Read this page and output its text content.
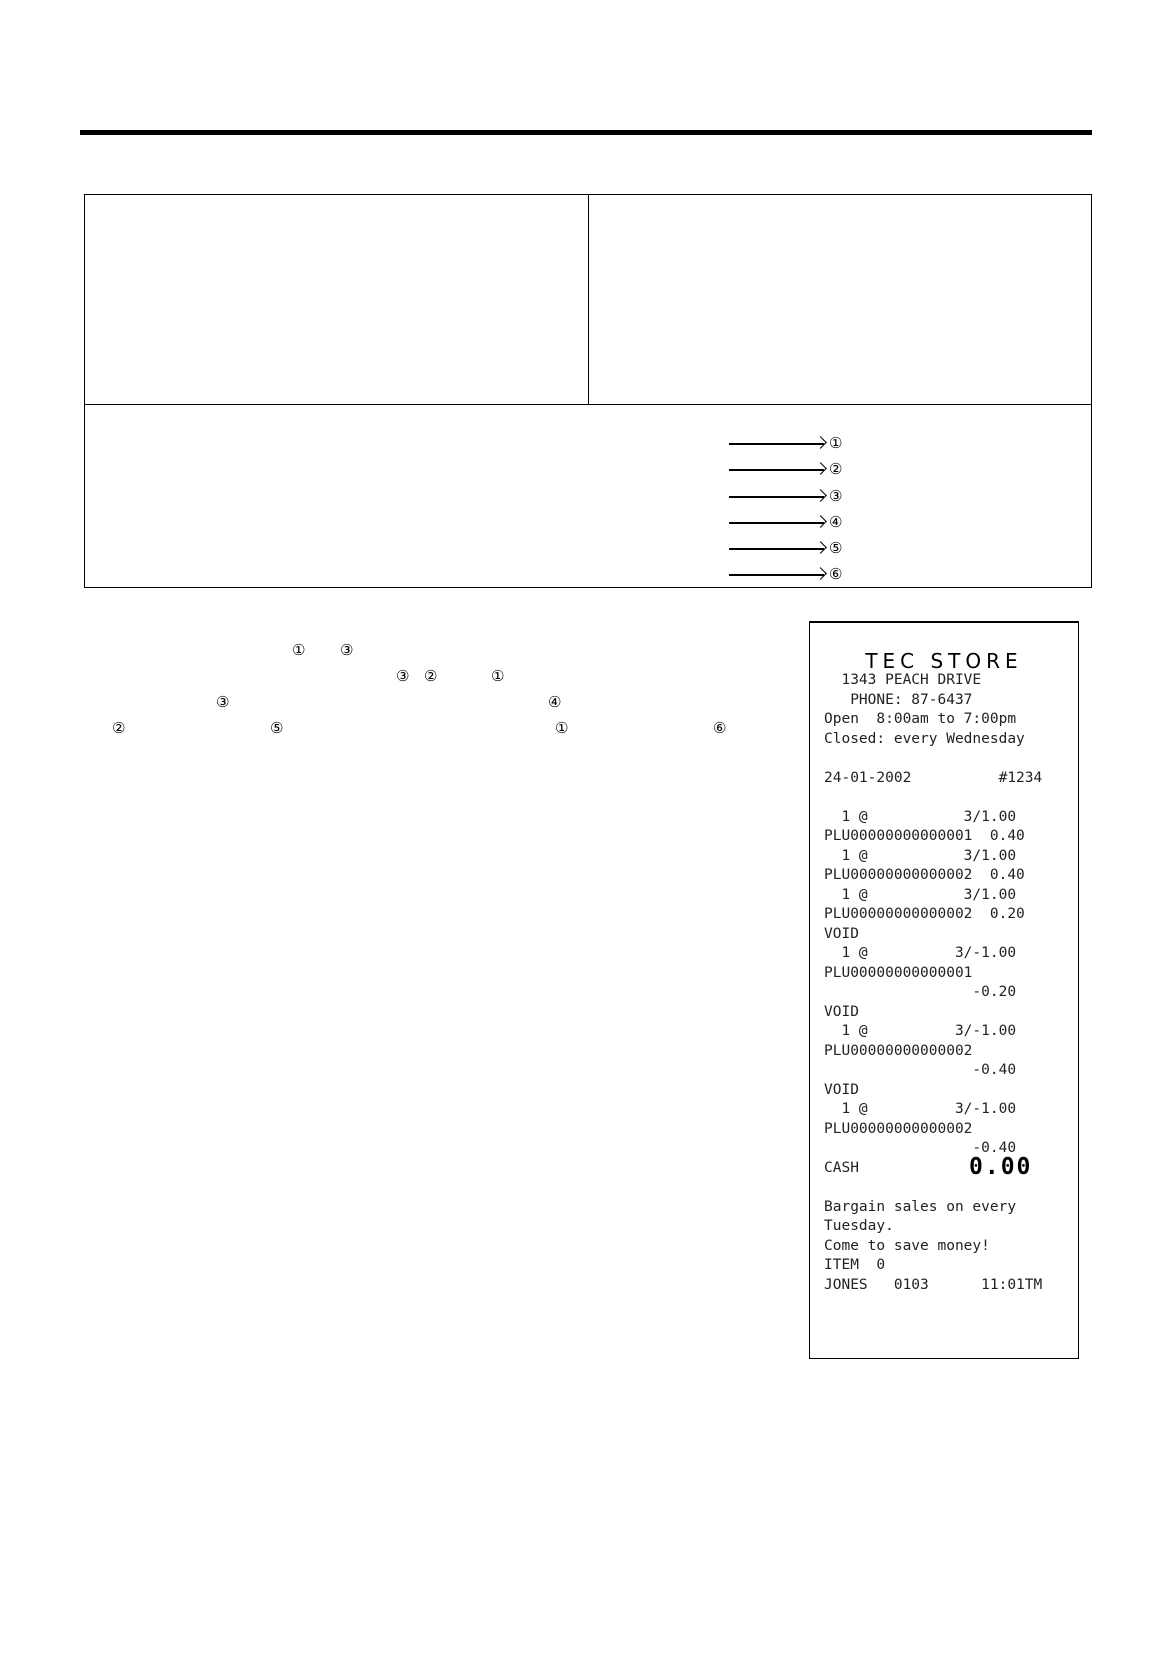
①
②
③
④
⑤
⑥
① ③
③ ②	①
③	④
②	⑤	①	⑥
TEC STORE
1343 PEACH DRIVE
PHONE: 87-6437
Open  8:00am to 7:00pm
Closed: every Wednesday
24-01-2002          #1234
1 @           3/1.00
PLU00000000000001  0.40
1 @           3/1.00
PLU00000000000002  0.40
1 @           3/1.00
PLU00000000000002  0.20
VOID
1 @          3/-1.00
PLU00000000000001
-0.20
VOID
1 @          3/-1.00
PLU00000000000002
-0.40
VOID
1 @          3/-1.00
PLU00000000000002
-0.40
CASH	0.00
Bargain sales on every
Tuesday.
Come to save money!
ITEM  0
JONES   0103      11:01TM
